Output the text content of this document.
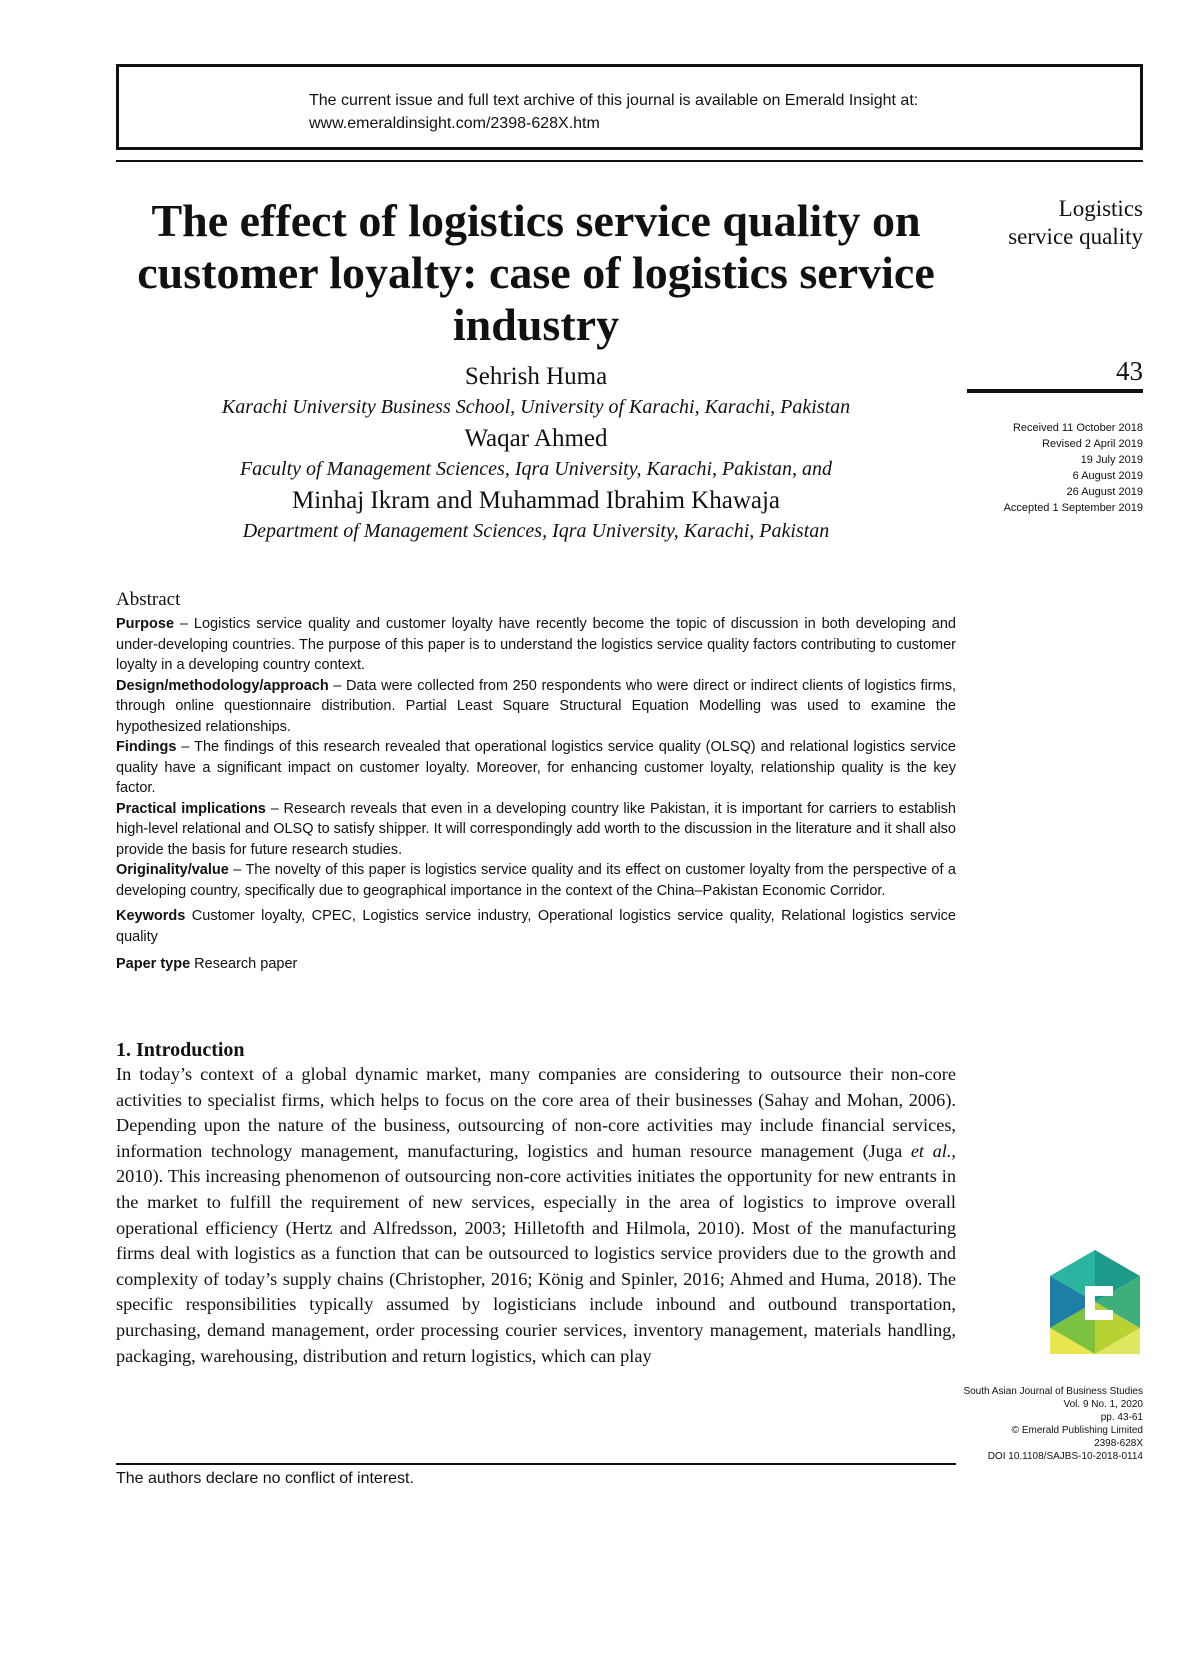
The current issue and full text archive of this journal is available on Emerald Insight at:
www.emeraldinsight.com/2398-628X.htm
The effect of logistics service quality on customer loyalty: case of logistics service industry
Sehrish Huma
Karachi University Business School, University of Karachi, Karachi, Pakistan
Waqar Ahmed
Faculty of Management Sciences, Iqra University, Karachi, Pakistan, and
Minhaj Ikram and Muhammad Ibrahim Khawaja
Department of Management Sciences, Iqra University, Karachi, Pakistan
Logistics
service quality
43
Received 11 October 2018
Revised 2 April 2019
19 July 2019
6 August 2019
26 August 2019
Accepted 1 September 2019
Abstract

Purpose – Logistics service quality and customer loyalty have recently become the topic of discussion in both developing and under-developing countries. The purpose of this paper is to understand the logistics service quality factors contributing to customer loyalty in a developing country context.

Design/methodology/approach – Data were collected from 250 respondents who were direct or indirect clients of logistics firms, through online questionnaire distribution. Partial Least Square Structural Equation Modelling was used to examine the hypothesized relationships.

Findings – The findings of this research revealed that operational logistics service quality (OLSQ) and relational logistics service quality have a significant impact on customer loyalty. Moreover, for enhancing customer loyalty, relationship quality is the key factor.

Practical implications – Research reveals that even in a developing country like Pakistan, it is important for carriers to establish high-level relational and OLSQ to satisfy shipper. It will correspondingly add worth to the discussion in the literature and it shall also provide the basis for future research studies.

Originality/value – The novelty of this paper is logistics service quality and its effect on customer loyalty from the perspective of a developing country, specifically due to geographical importance in the context of the China–Pakistan Economic Corridor.

Keywords Customer loyalty, CPEC, Logistics service industry, Operational logistics service quality, Relational logistics service quality

Paper type Research paper

1. Introduction

In today’s context of a global dynamic market, many companies are considering to outsource their non-core activities to specialist firms, which helps to focus on the core area of their businesses (Sahay and Mohan, 2006). Depending upon the nature of the business, outsourcing of non-core activities may include financial services, information technology management, manufacturing, logistics and human resource management (Juga et al., 2010). This increasing phenomenon of outsourcing non-core activities initiates the opportunity for new entrants in the market to fulfill the requirement of new services, especially in the area of logistics to improve overall operational efficiency (Hertz and Alfredsson, 2003; Hilletofth and Hilmola, 2010). Most of the manufacturing firms deal with logistics as a function that can be outsourced to logistics service providers due to the growth and complexity of today’s supply chains (Christopher, 2016; König and Spinler, 2016; Ahmed and Huma, 2018). The specific responsibilities typically assumed by logisticians include inbound and outbound transportation, purchasing, demand management, order processing courier services, inventory management, materials handling, packaging, warehousing, distribution and return logistics, which can play

The authors declare no conflict of interest.
South Asian Journal of Business Studies
Vol. 9 No. 1, 2020
pp. 43-61
© Emerald Publishing Limited
2398-628X
DOI 10.1108/SAJBS-10-2018-0114
